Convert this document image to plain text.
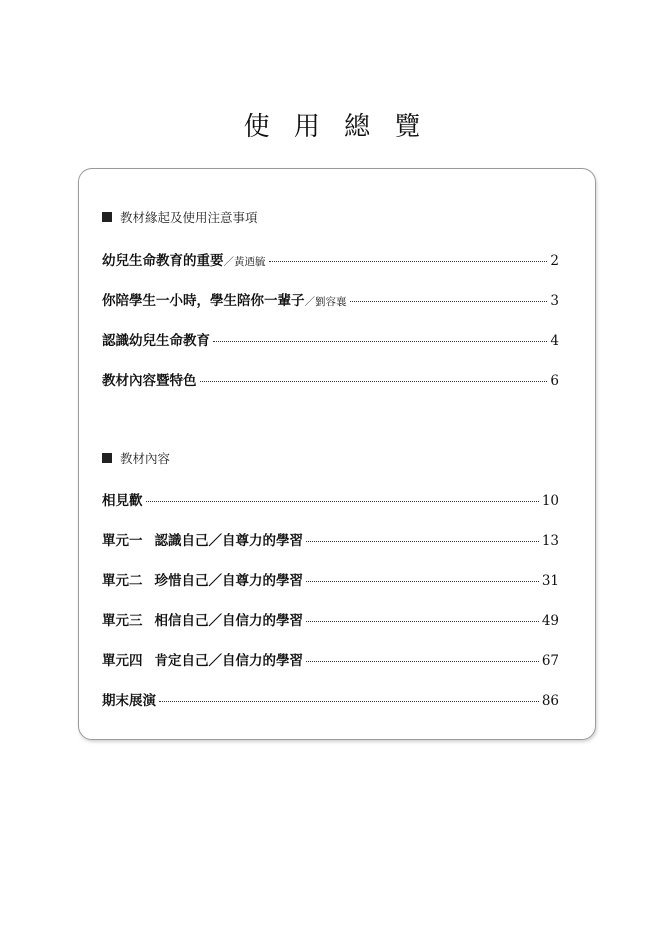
使 用 總 覽
教材緣起及使用注意事項
幼兒生命教育的重要 ／黃迺毓	2
你陪學生一小時，學生陪你一輩子 ／劉容襄	3
認識幼兒生命教育	4
教材內容暨特色	6
教材內容
相見歡	10
單元一 認識自己／自尊力的學習	13
單元二 珍惜自己／自尊力的學習	31
單元三 相信自己／自信力的學習	49
單元四 肯定自己／自信力的學習	67
期末展演	86
